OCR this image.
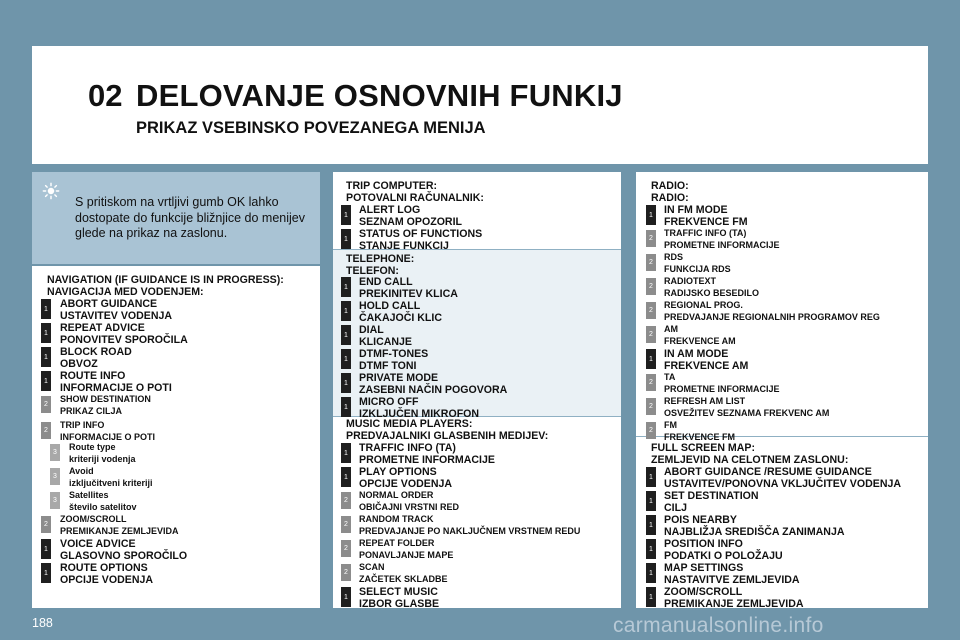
02 DELOVANJE OSNOVNIH FUNKIJ
PRIKAZ VSEBINSKO POVEZANEGA MENIJA
S pritiskom na vrtljivi gumb OK lahko dostopate do funkcije bližnjice do menijev glede na prikaz na zaslonu.
NAVIGATION (IF GUIDANCE IS IN PROGRESS):
NAVIGACIJA MED VODENJEM:
1 ABORT GUIDANCE
USTAVITEV VODENJA
1 REPEAT ADVICE
PONOVITEV SPOROČILA
1 BLOCK ROAD
OBVOZ
1 ROUTE INFO
INFORMACIJE O POTI
2
SHOW DESTINATION
PRIKAZ CILJA
2
TRIP INFO
INFORMACIJE O POTI
3
Route type
kriteriji vodenja
3
Avoid
izključitveni kriteriji
3
Satellites
število satelitov
2
ZOOM/SCROLL
PREMIKANJE ZEMLJEVIDA
1 VOICE ADVICE
GLASOVNO SPOROČILO
1 ROUTE OPTIONS
OPCIJE VODENJA
TRIP COMPUTER:
POTOVALNI RAČUNALNIK:
1 ALERT LOG
SEZNAM OPOZORIL
1 STATUS OF FUNCTIONS
STANJE FUNKCIJ
TELEPHONE:
TELEFON:
1 END CALL
PREKINITEV KLICA
1 HOLD CALL
ČAKAJOČI KLIC
1 DIAL
KLICANJE
1 DTMF-TONES
DTMF TONI
1 PRIVATE MODE
ZASEBNI NAČIN POGOVORA
1 MICRO OFF
IZKLJUČEN MIKROFON
MUSIC MEDIA PLAYERS:
PREDVAJALNIKI GLASBENIH MEDIJEV:
1 TRAFFIC INFO (TA)
PROMETNE INFORMACIJE
1 PLAY OPTIONS
OPCIJE VODENJA
2
NORMAL ORDER
OBIČAJNI VRSTNI RED
2
RANDOM TRACK
PREDVAJANJE PO NAKLJUČNEM VRSTNEM REDU
2
REPEAT FOLDER
PONAVLJANJE MAPE
2
SCAN
ZAČETEK SKLADBE
1 SELECT MUSIC
IZBOR GLASBE
RADIO:
RADIO:
1 IN FM MODE
FREKVENCE FM
2
TRAFFIC INFO (TA)
PROMETNE INFORMACIJE
2
RDS
FUNKCIJA RDS
2
RADIOTEXT
RADIJSKO BESEDILO
2
REGIONAL PROG.
PREDVAJANJE REGIONALNIH PROGRAMOV REG
2
AM
FREKVENCE AM
1 IN AM MODE
FREKVENCE AM
2
TA
PROMETNE INFORMACIJE
2
REFRESH AM LIST
OSVEŽITEV SEZNAMA FREKVENC AM
2
FM
FREKVENCE FM
FULL SCREEN MAP:
ZEMLJEVID NA CELOTNEM ZASLONU:
1 ABORT GUIDANCE /RESUME GUIDANCE
USTAVITEV/PONOVNA VKLJUČITEV VODENJA
1 SET DESTINATION
CILJ
1 POIS NEARBY
NAJBLIŽJA SREDIŠČA ZANIMANJA
1 POSITION INFO
PODATKI O POLOŽAJU
1 MAP SETTINGS
NASTAVITVE ZEMLJEVIDA
1 ZOOM/SCROLL
PREMIKANJE ZEMLJEVIDA
188	carmanualsonline.info
